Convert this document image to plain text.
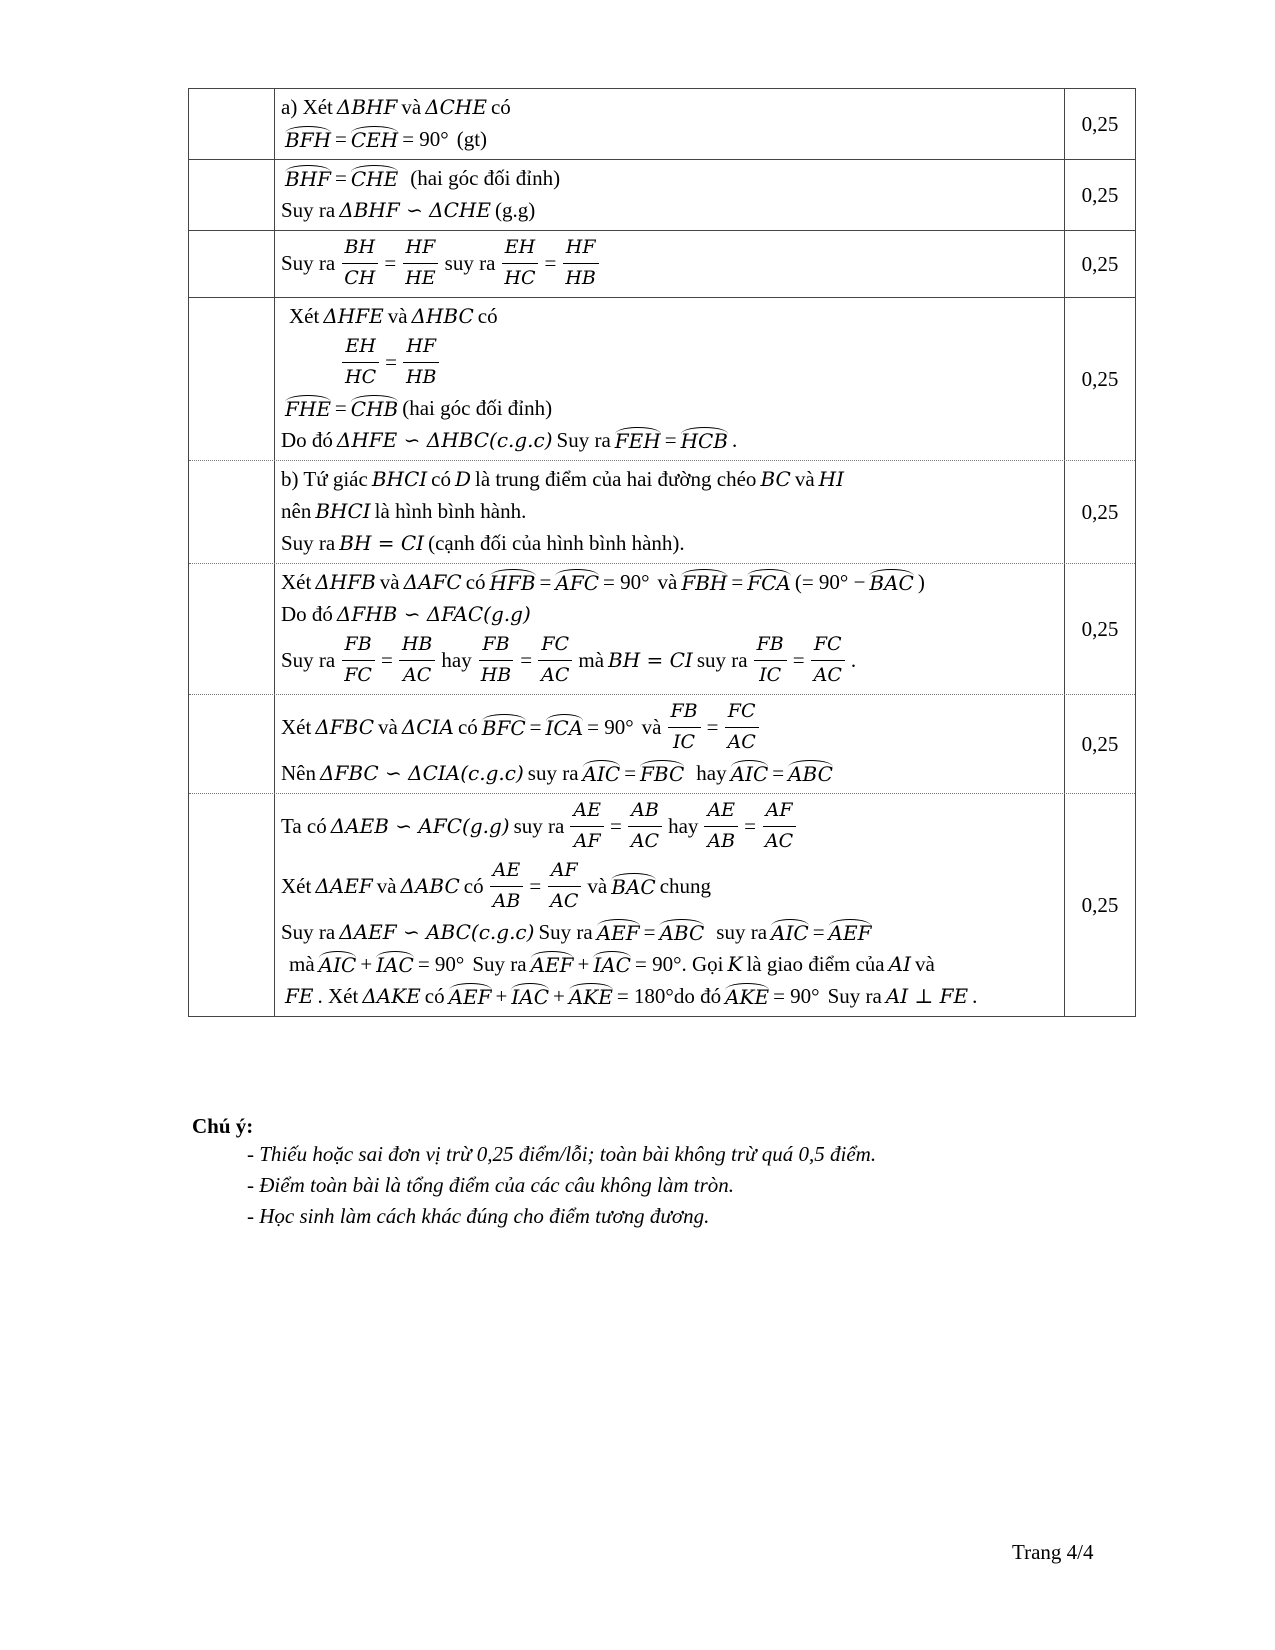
a) Xét ΔBHF và ΔCHE có
BFH = CEH = 90° (gt)
0,25
BHF = CHE (hai góc đối đỉnh)
Suy ra ΔBHF ∽ ΔCHE (g.g)
0,25
Suy ra $\frac{BH}{CH} = \frac{HF}{HE}$ suy ra $\frac{EH}{HC} = \frac{HF}{HB}$	0,25
Xét ΔHFE và ΔHBC có
$\frac{EH}{HC} = \frac{HF}{HB}$
FHE = CHB (hai góc đối đỉnh)
Do đó ΔHFE ∽ ΔHBC(c.g.c) Suy ra FEH = HCB .
0,25
b) Tứ giác BHCI có D là trung điểm của hai đường chéo BC và HI
nên BHCI là hình bình hành.
Suy ra BH = CI (cạnh đối của hình bình hành).
0,25
Xét ΔHFB và ΔAFC có HFB = AFC = 90° và FBH = FCA (= 90° − BAC )
Do đó ΔFHB ∽ ΔFAC(g.g)
Suy ra $\frac{FB}{FC} = \frac{HB}{AC}$ hay $\frac{FB}{HB} = \frac{FC}{AC}$ mà BH = CI suy ra $\frac{FB}{IC} = \frac{FC}{AC}$ .
0,25
Xét ΔFBC và ΔCIA có BFC = ICA = 90° và $\frac{FB}{IC} = \frac{FC}{AC}$
Nên ΔFBC ∽ ΔCIA(c.g.c) suy ra AIC = FBC hay AIC = ABC
0,25
Ta có ΔAEB ∽ AFC(g.g) suy ra $\frac{AE}{AF} = \frac{AB}{AC}$ hay $\frac{AE}{AB} = \frac{AF}{AC}$
Xét ΔAEF và ΔABC có $\frac{AE}{AB} = \frac{AF}{AC}$ và BAC chung
Suy ra ΔAEF ∽ ABC(c.g.c) Suy ra AEF = ABC suy ra AIC = AEF
mà AIC + IAC = 90° Suy ra AEF + IAC = 90° . Gọi K là giao điểm của AI và
FE . Xét ΔAKE có AEF + IAC + AKE = 180° do đó AKE = 90° Suy ra AI ⊥ FE .
0,25
Chú ý:
- Thiếu hoặc sai đơn vị trừ 0,25 điểm/lỗi; toàn bài không trừ quá 0,5 điểm.
- Điểm toàn bài là tổng điểm của các câu không làm tròn.
- Học sinh làm cách khác đúng cho điểm tương đương.
Trang 4/4
